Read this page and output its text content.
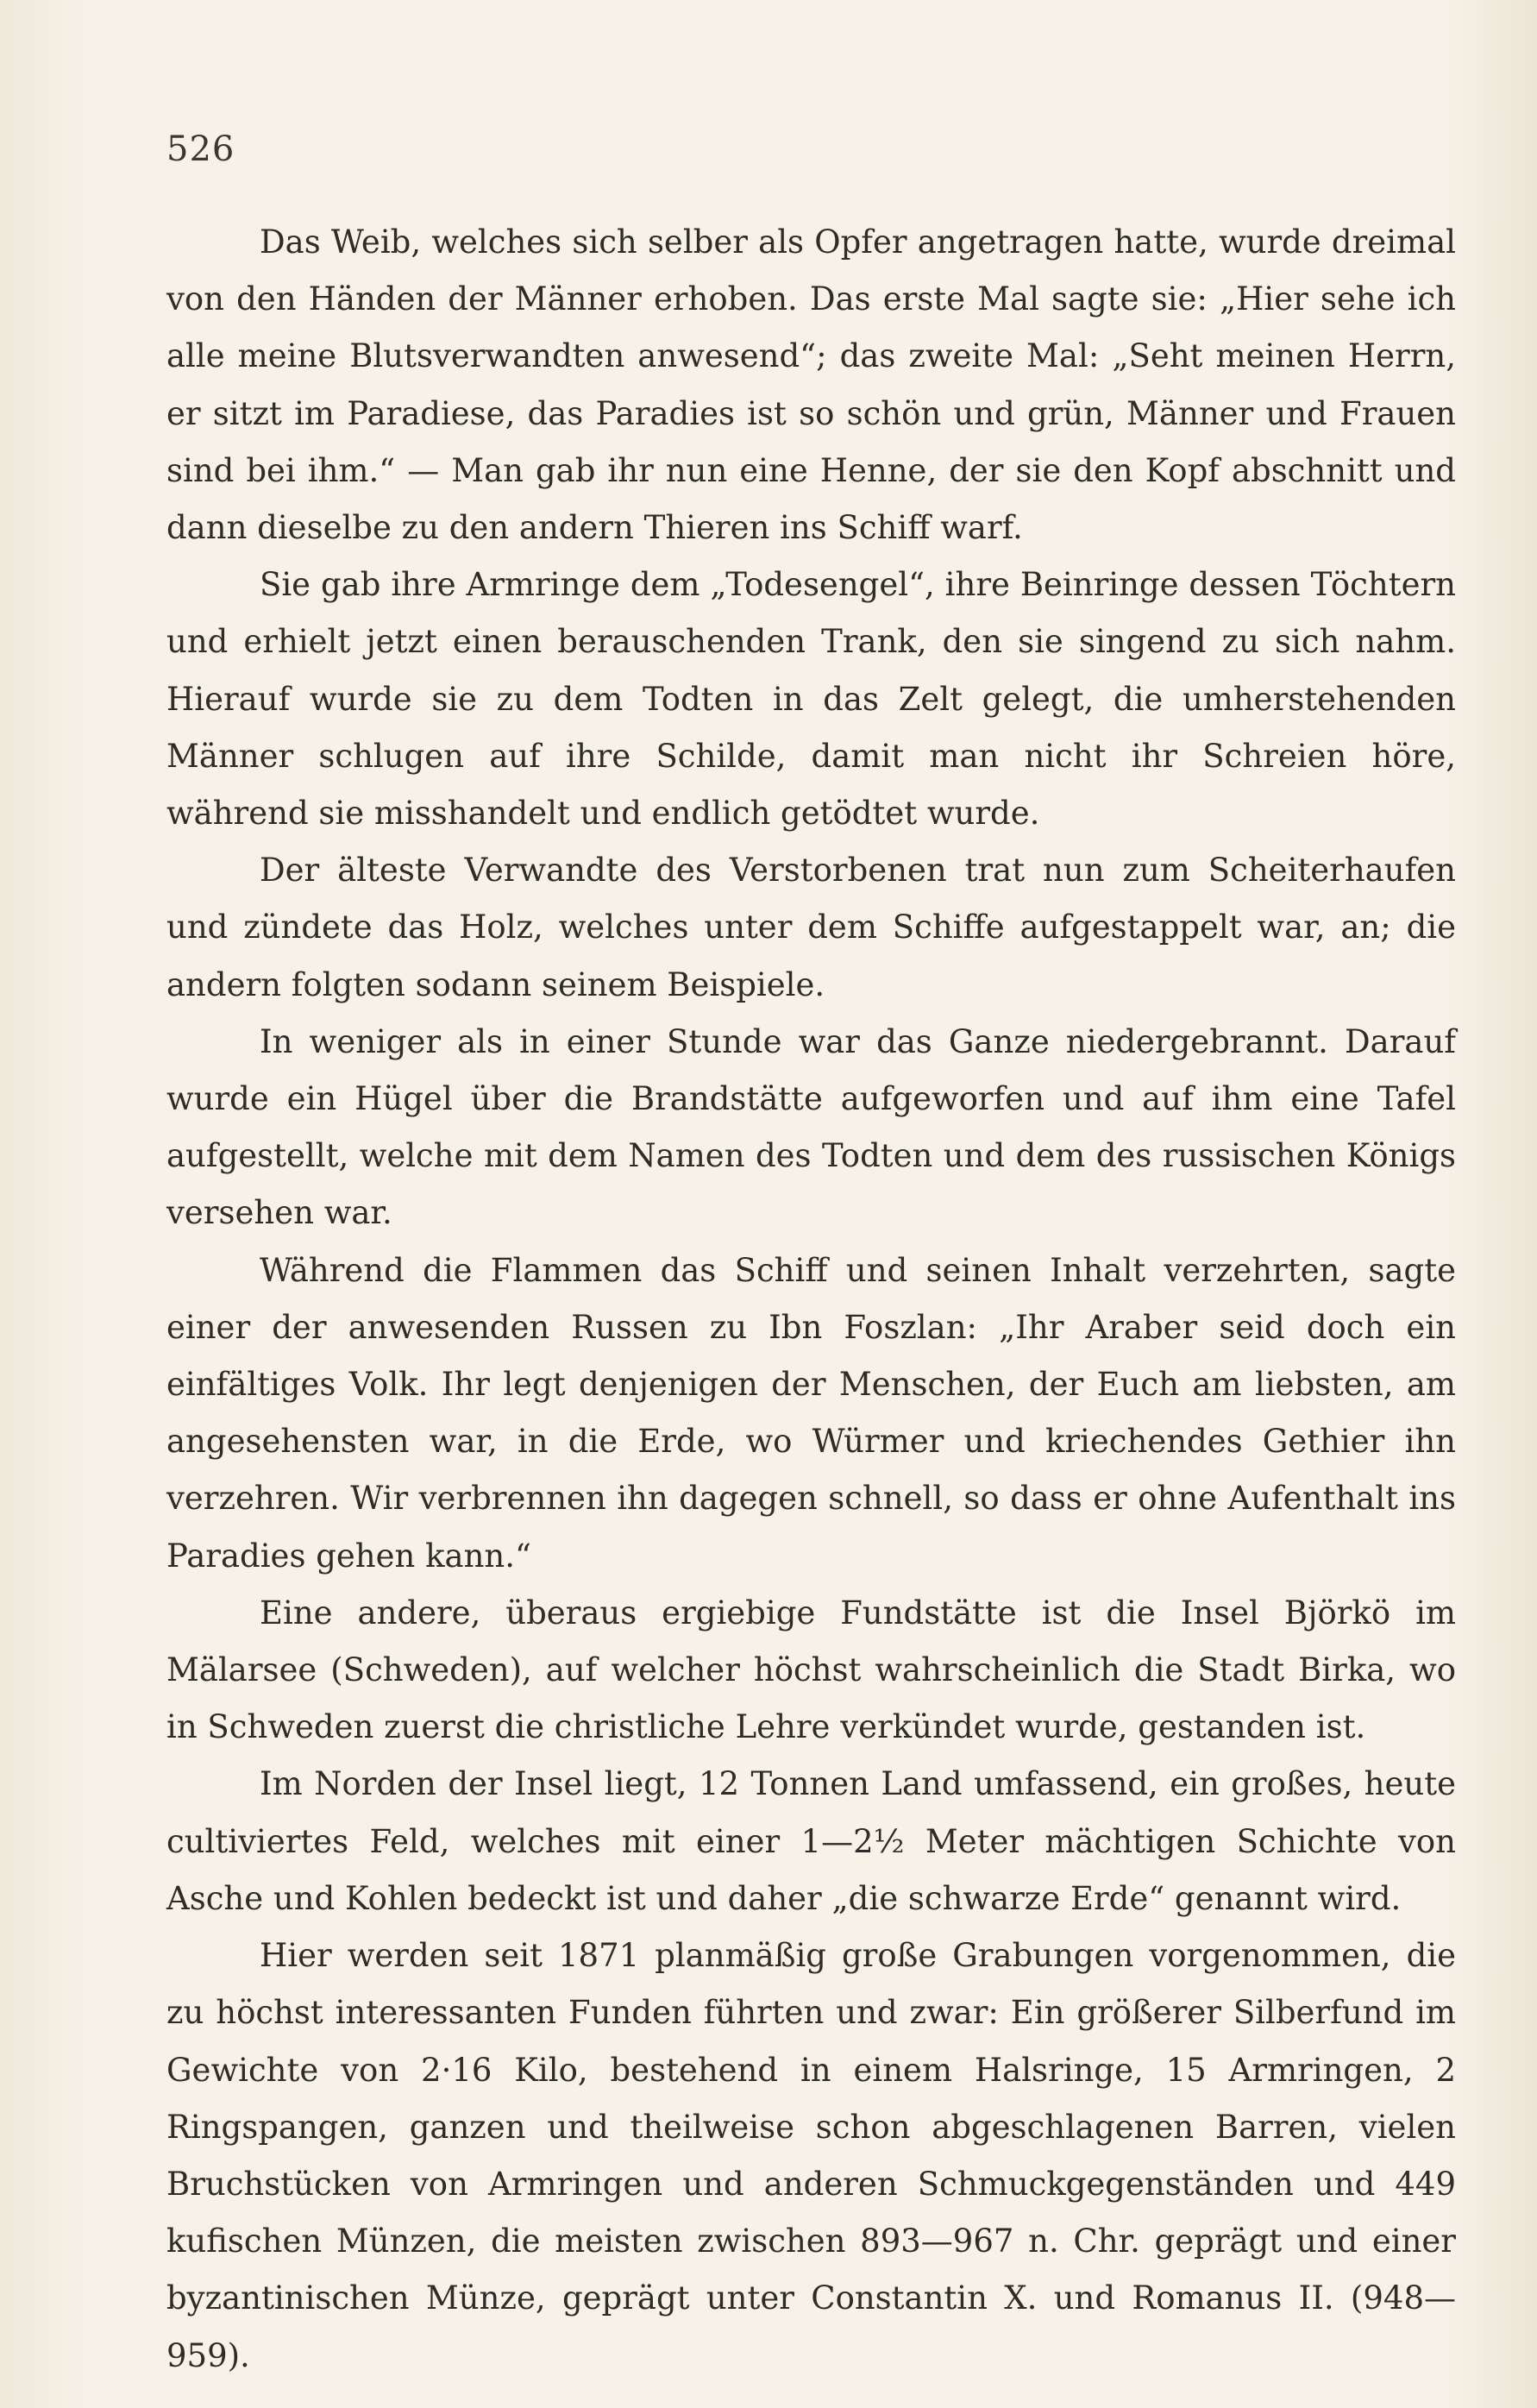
526

Das Weib, welches sich selber als Opfer angetragen hatte, wurde dreimal von den Händen der Männer erhoben. Das erste Mal sagte sie: „Hier sehe ich alle meine Blutsverwandten anwesend“; das zweite Mal: „Seht meinen Herrn, er sitzt im Paradiese, das Paradies ist so schön und grün, Männer und Frauen sind bei ihm.“ — Man gab ihr nun eine Henne, der sie den Kopf abschnitt und dann dieselbe zu den andern Thieren ins Schiff warf.

Sie gab ihre Armringe dem „Todesengel“, ihre Beinringe dessen Töchtern und erhielt jetzt einen berauschenden Trank, den sie singend zu sich nahm. Hierauf wurde sie zu dem Todten in das Zelt gelegt, die umherstehenden Männer schlugen auf ihre Schilde, damit man nicht ihr Schreien höre, während sie misshandelt und endlich getödtet wurde.

Der älteste Verwandte des Verstorbenen trat nun zum Scheiterhaufen und zündete das Holz, welches unter dem Schiffe aufgestappelt war, an; die andern folgten sodann seinem Beispiele.

In weniger als in einer Stunde war das Ganze niedergebrannt. Darauf wurde ein Hügel über die Brandstätte aufgeworfen und auf ihm eine Tafel aufgestellt, welche mit dem Namen des Todten und dem des russischen Königs versehen war.

Während die Flammen das Schiff und seinen Inhalt verzehrten, sagte einer der anwesenden Russen zu Ibn Foszlan: „Ihr Araber seid doch ein einfältiges Volk. Ihr legt denjenigen der Menschen, der Euch am liebsten, am angesehensten war, in die Erde, wo Würmer und kriechendes Gethier ihn verzehren. Wir verbrennen ihn dagegen schnell, so dass er ohne Aufenthalt ins Paradies gehen kann.“

Eine andere, überaus ergiebige Fundstätte ist die Insel Björkö im Mälarsee (Schweden), auf welcher höchst wahrscheinlich die Stadt Birka, wo in Schweden zuerst die christliche Lehre verkündet wurde, gestanden ist.

Im Norden der Insel liegt, 12 Tonnen Land umfassend, ein großes, heute cultiviertes Feld, welches mit einer 1—2½ Meter mächtigen Schichte von Asche und Kohlen bedeckt ist und daher „die schwarze Erde“ genannt wird.

Hier werden seit 1871 planmäßig große Grabungen vorgenommen, die zu höchst interessanten Funden führten und zwar: Ein größerer Silberfund im Gewichte von 2·16 Kilo, bestehend in einem Halsringe, 15 Armringen, 2 Ringspangen, ganzen und theilweise schon abgeschlagenen Barren, vielen Bruchstücken von Armringen und anderen Schmuckgegenständen und 449 kufischen Münzen, die meisten zwischen 893—967 n. Chr. geprägt und einer byzantinischen Münze, geprägt unter Constantin X. und Romanus II. (948—959).
